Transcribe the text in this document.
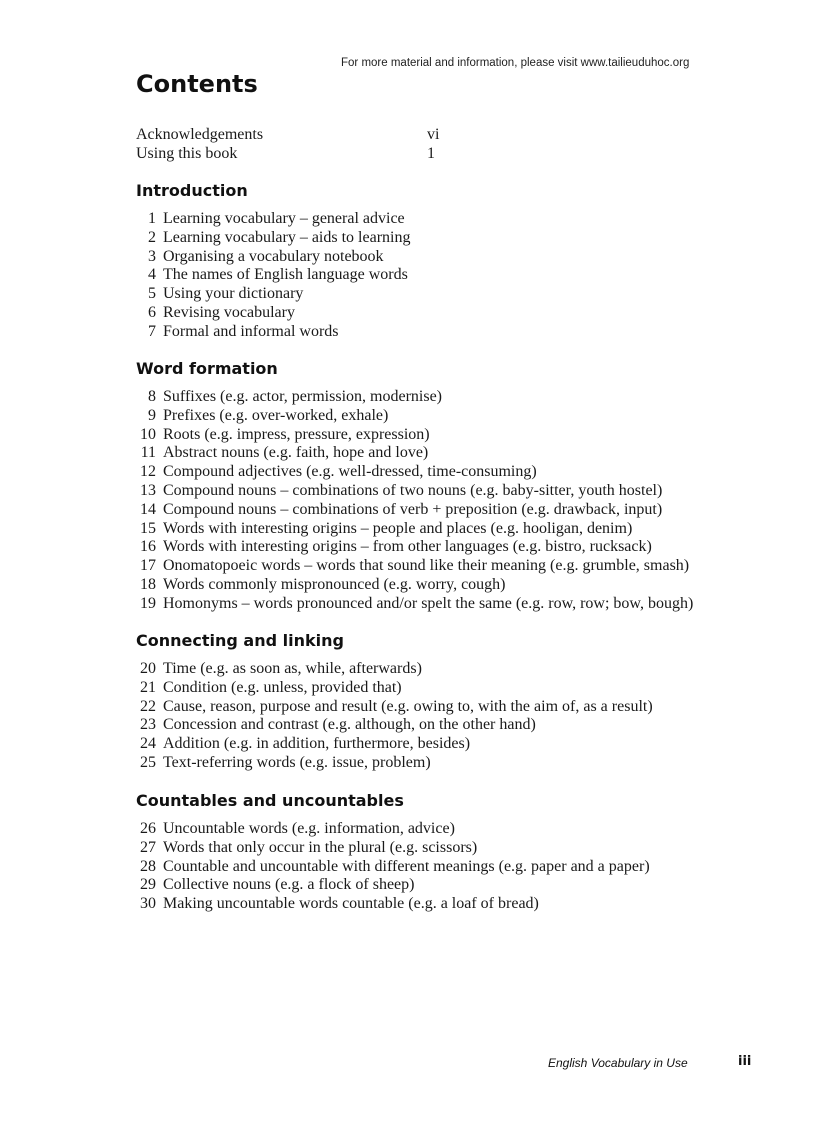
For more material and information, please visit www.tailieuduhoc.org
Contents
Acknowledgements	vi
Using this book	1
Introduction
1 Learning vocabulary – general advice
2 Learning vocabulary – aids to learning
3 Organising a vocabulary notebook
4 The names of English language words
5 Using your dictionary
6 Revising vocabulary
7 Formal and informal words
Word formation
8 Suffixes (e.g. actor, permission, modernise)
9 Prefixes (e.g. over-worked, exhale)
10 Roots (e.g. impress, pressure, expression)
11 Abstract nouns (e.g. faith, hope and love)
12 Compound adjectives (e.g. well-dressed, time-consuming)
13 Compound nouns – combinations of two nouns (e.g. baby-sitter, youth hostel)
14 Compound nouns – combinations of verb + preposition (e.g. drawback, input)
15 Words with interesting origins – people and places (e.g. hooligan, denim)
16 Words with interesting origins – from other languages (e.g. bistro, rucksack)
17 Onomatopoeic words – words that sound like their meaning (e.g. grumble, smash)
18 Words commonly mispronounced (e.g. worry, cough)
19 Homonyms – words pronounced and/or spelt the same (e.g. row, row; bow, bough)
Connecting and linking
20 Time (e.g. as soon as, while, afterwards)
21 Condition (e.g. unless, provided that)
22 Cause, reason, purpose and result (e.g. owing to, with the aim of, as a result)
23 Concession and contrast (e.g. although, on the other hand)
24 Addition (e.g. in addition, furthermore, besides)
25 Text-referring words (e.g. issue, problem)
Countables and uncountables
26 Uncountable words (e.g. information, advice)
27 Words that only occur in the plural (e.g. scissors)
28 Countable and uncountable with different meanings (e.g. paper and a paper)
29 Collective nouns (e.g. a flock of sheep)
30 Making uncountable words countable (e.g. a loaf of bread)
English Vocabulary in Use	iii
